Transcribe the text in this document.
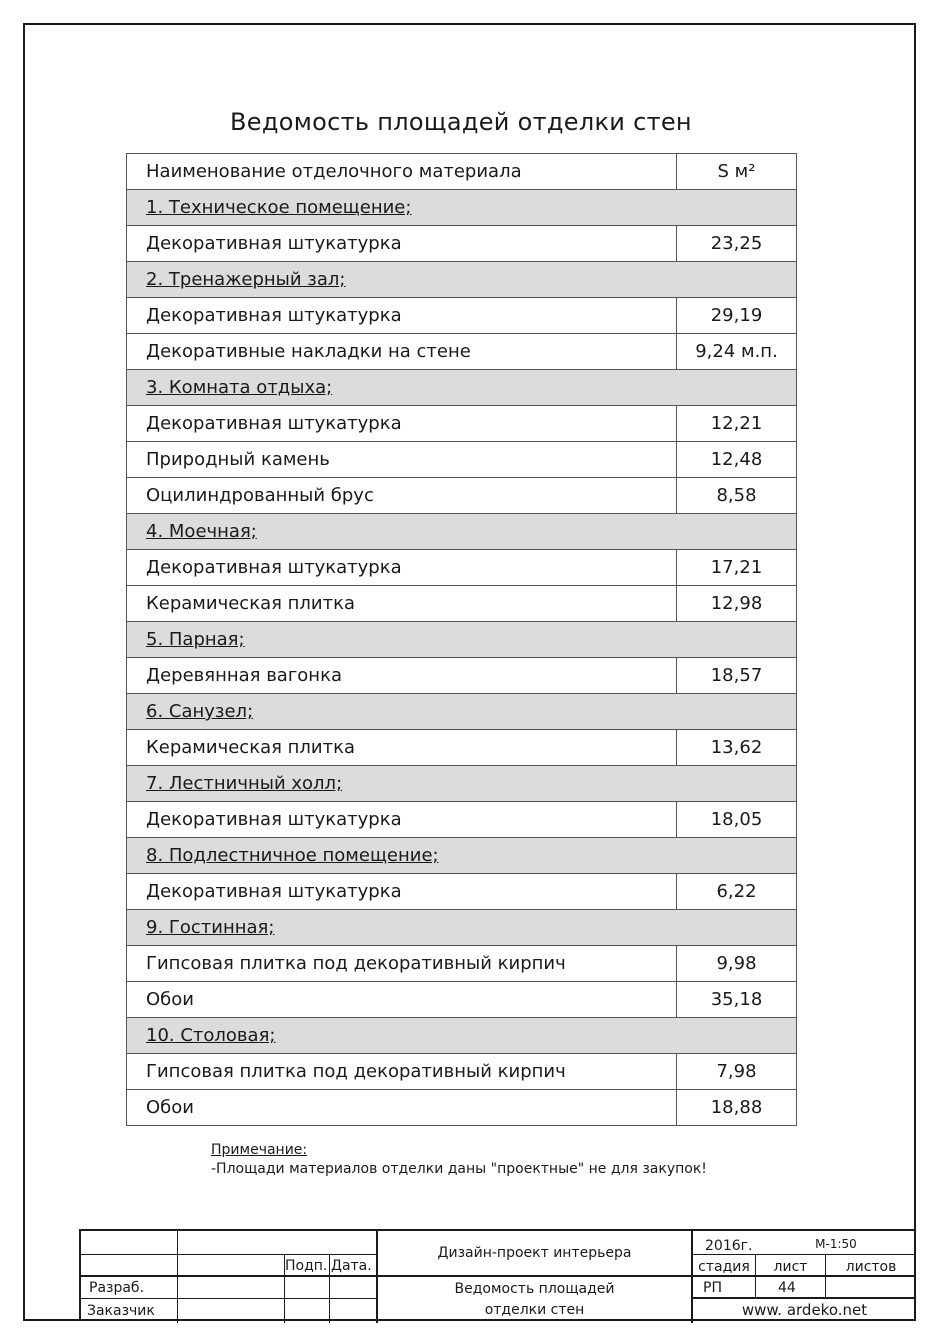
Ведомость площадей отделки стен
Наименование отделочного материала	S м²
1. Техническое помещение;	
Декоративная штукатурка	23,25
2. Тренажерный зал;	
Декоративная штукатурка	29,19
Декоративные накладки на стене	9,24 м.п.
3. Комната отдыха;	
Декоративная штукатурка	12,21
Природный камень	12,48
Оцилиндрованный брус	8,58
4. Моечная;	
Декоративная штукатурка	17,21
Керамическая плитка	12,98
5. Парная;	
Деревянная вагонка	18,57
6. Санузел;	
Керамическая плитка	13,62
7. Лестничный холл;	
Декоративная штукатурка	18,05
8. Подлестничное помещение;	
Декоративная штукатурка	6,22
9. Гостинная;	
Гипсовая плитка под декоративный кирпич	9,98
Обои	35,18
10. Столовая;	
Гипсовая плитка под декоративный кирпич	7,98
Обои	18,88
Примечание:
-Площади материалов отделки даны "проектные" не для закупок!
Подп. Дата.
Разраб.
Заказчик
Дизайн-проект интерьера
Ведомость площадей
отделки стен
2016г.	М-1:50
стадия	лист	листов
РП	44
www. ardeko.net
